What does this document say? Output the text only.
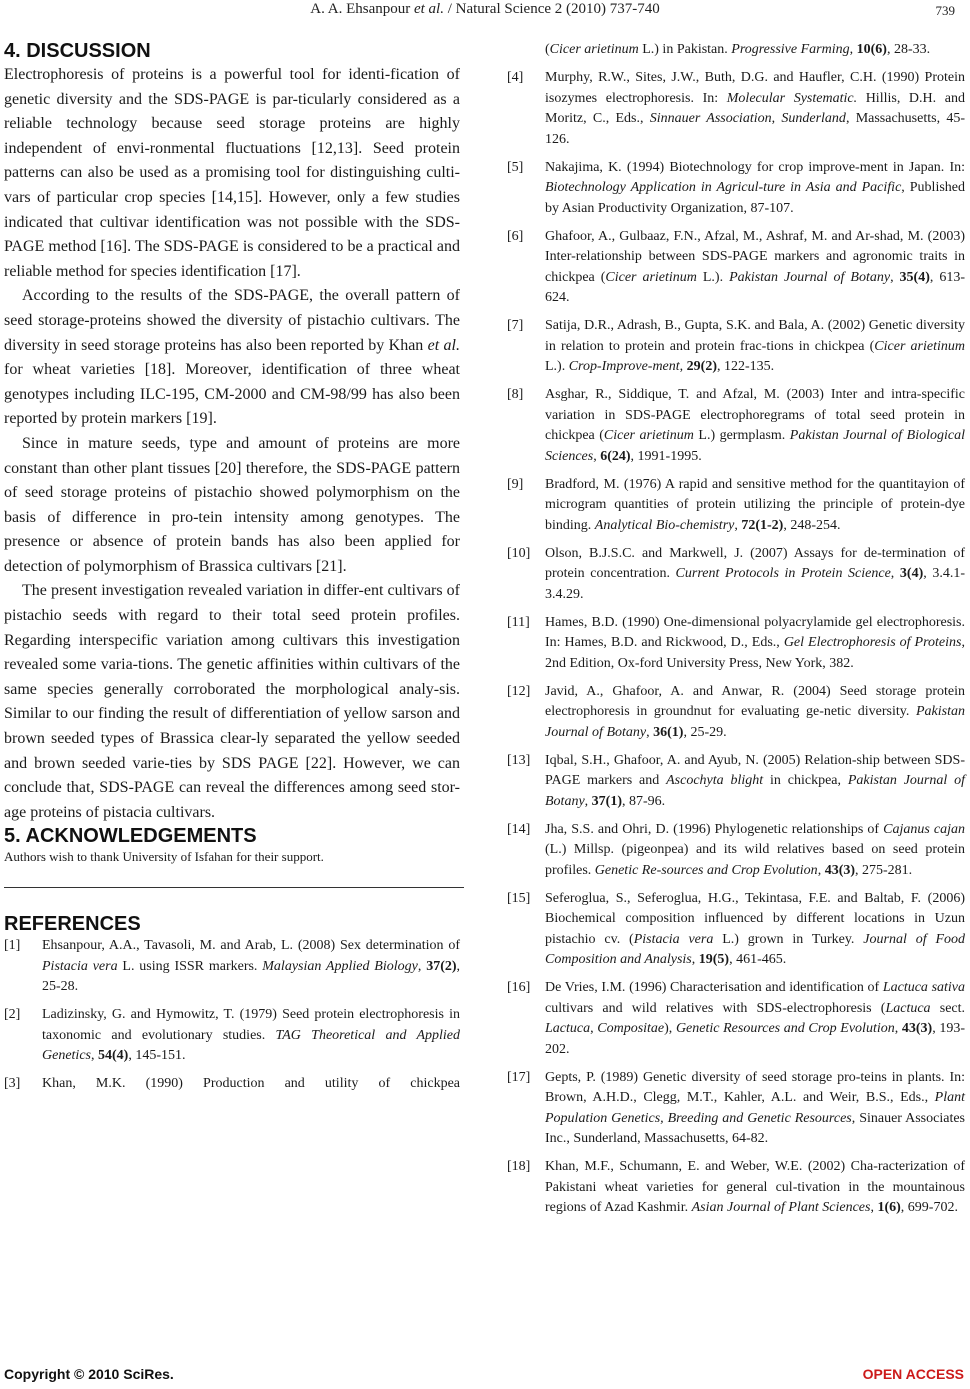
A. A. Ehsanpour et al. / Natural Science 2 (2010) 737-740	739
4. DISCUSSION

Electrophoresis of proteins is a powerful tool for identi-fication of genetic diversity and the SDS-PAGE is par-ticularly considered as a reliable technology because seed storage proteins are highly independent of envi-ronmental fluctuations [12,13]. Seed protein patterns can also be used as a promising tool for distinguishing culti-vars of particular crop species [14,15]. However, only a few studies indicated that cultivar identification was not possible with the SDS-PAGE method [16]. The SDS-PAGE is considered to be a practical and reliable method for species identification [17].

According to the results of the SDS-PAGE, the overall pattern of seed storage-proteins showed the diversity of pistachio cultivars. The diversity in seed storage proteins has also been reported by Khan et al. for wheat varieties [18]. Moreover, identification of three wheat genotypes including ILC-195, CM-2000 and CM-98/99 has also been reported by protein markers [19].

Since in mature seeds, type and amount of proteins are more constant than other plant tissues [20] therefore, the SDS-PAGE pattern of seed storage proteins of pistachio showed polymorphism on the basis of difference in pro-tein intensity among genotypes. The presence or absence of protein bands has also been applied for detection of polymorphism of Brassica cultivars [21].

The present investigation revealed variation in differ-ent cultivars of pistachio seeds with regard to their total seed protein profiles. Regarding interspecific variation among cultivars this investigation revealed some varia-tions. The genetic affinities within cultivars of the same species generally corroborated the morphological analy-sis. Similar to our finding the result of differentiation of yellow sarson and brown seeded types of Brassica clear-ly separated the yellow seeded and brown seeded varie-ties by SDS PAGE [22]. However, we can conclude that, SDS-PAGE can reveal the differences among seed stor-age proteins of pistacia cultivars.

5. ACKNOWLEDGEMENTS

Authors wish to thank University of Isfahan for their support.

REFERENCES
[1] Ehsanpour, A.A., Tavasoli, M. and Arab, L. (2008) Sex determination of Pistacia vera L. using ISSR markers. Malaysian Applied Biology, 37(2), 25-28.
[2] Ladizinsky, G. and Hymowitz, T. (1979) Seed protein electrophoresis in taxonomic and evolutionary studies. TAG Theoretical and Applied Genetics, 54(4), 145-151.
[3] Khan, M.K. (1990) Production and utility of chickpea
(Cicer arietinum L.) in Pakistan. Progressive Farming, 10(6), 28-33.
[4] Murphy, R.W., Sites, J.W., Buth, D.G. and Haufler, C.H. (1990) Protein isozymes electrophoresis. In: Molecular Systematic. Hillis, D.H. and Moritz, C., Eds., Sinnauer Association, Sunderland, Massachusetts, 45-126.
[5] Nakajima, K. (1994) Biotechnology for crop improve-ment in Japan. In: Biotechnology Application in Agricul-ture in Asia and Pacific, Published by Asian Productivity Organization, 87-107.
[6] Ghafoor, A., Gulbaaz, F.N., Afzal, M., Ashraf, M. and Ar-shad, M. (2003) Inter-relationship between SDS-PAGE markers and agronomic traits in chickpea (Cicer arietinum L.). Pakistan Journal of Botany, 35(4), 613-624.
[7] Satija, D.R., Adrash, B., Gupta, S.K. and Bala, A. (2002) Genetic diversity in relation to protein and protein frac-tions in chickpea (Cicer arietinum L.). Crop-Improve-ment, 29(2), 122-135.
[8] Asghar, R., Siddique, T. and Afzal, M. (2003) Inter and intra-specific variation in SDS-PAGE electrophoregrams of total seed protein in chickpea (Cicer arietinum L.) germplasm. Pakistan Journal of Biological Sciences, 6(24), 1991-1995.
[9] Bradford, M. (1976) A rapid and sensitive method for the quantitayion of microgram quantities of protein utilizing the principle of protein-dye binding. Analytical Bio-chemistry, 72(1-2), 248-254.
[10] Olson, B.J.S.C. and Markwell, J. (2007) Assays for de-termination of protein concentration. Current Protocols in Protein Science, 3(4), 3.4.1-3.4.29.
[11] Hames, B.D. (1990) One-dimensional polyacrylamide gel electrophoresis. In: Hames, B.D. and Rickwood, D., Eds., Gel Electrophoresis of Proteins, 2nd Edition, Ox-ford University Press, New York, 382.
[12] Javid, A., Ghafoor, A. and Anwar, R. (2004) Seed storage protein electrophoresis in groundnut for evaluating ge-netic diversity. Pakistan Journal of Botany, 36(1), 25-29.
[13] Iqbal, S.H., Ghafoor, A. and Ayub, N. (2005) Relation-ship between SDS-PAGE markers and Ascochyta blight in chickpea, Pakistan Journal of Botany, 37(1), 87-96.
[14] Jha, S.S. and Ohri, D. (1996) Phylogenetic relationships of Cajanus cajan (L.) Millsp. (pigeonpea) and its wild relatives based on seed protein profiles. Genetic Re-sources and Crop Evolution, 43(3), 275-281.
[15] Seferoglua, S., Seferoglua, H.G., Tekintasa, F.E. and Baltab, F. (2006) Biochemical composition influenced by different locations in Uzun pistachio cv. (Pistacia vera L.) grown in Turkey. Journal of Food Composition and Analysis, 19(5), 461-465.
[16] De Vries, I.M. (1996) Characterisation and identification of Lactuca sativa cultivars and wild relatives with SDS-electrophoresis (Lactuca sect. Lactuca, Compositae), Genetic Resources and Crop Evolution, 43(3), 193-202.
[17] Gepts, P. (1989) Genetic diversity of seed storage pro-teins in plants. In: Brown, A.H.D., Clegg, M.T., Kahler, A.L. and Weir, B.S., Eds., Plant Population Genetics, Breeding and Genetic Resources, Sinauer Associates Inc., Sunderland, Massachusetts, 64-82.
[18] Khan, M.F., Schumann, E. and Weber, W.E. (2002) Cha-racterization of Pakistani wheat varieties for general cul-tivation in the mountainous regions of Azad Kashmir. Asian Journal of Plant Sciences, 1(6), 699-702.
Copyright © 2010 SciRes.	OPEN ACCESS
